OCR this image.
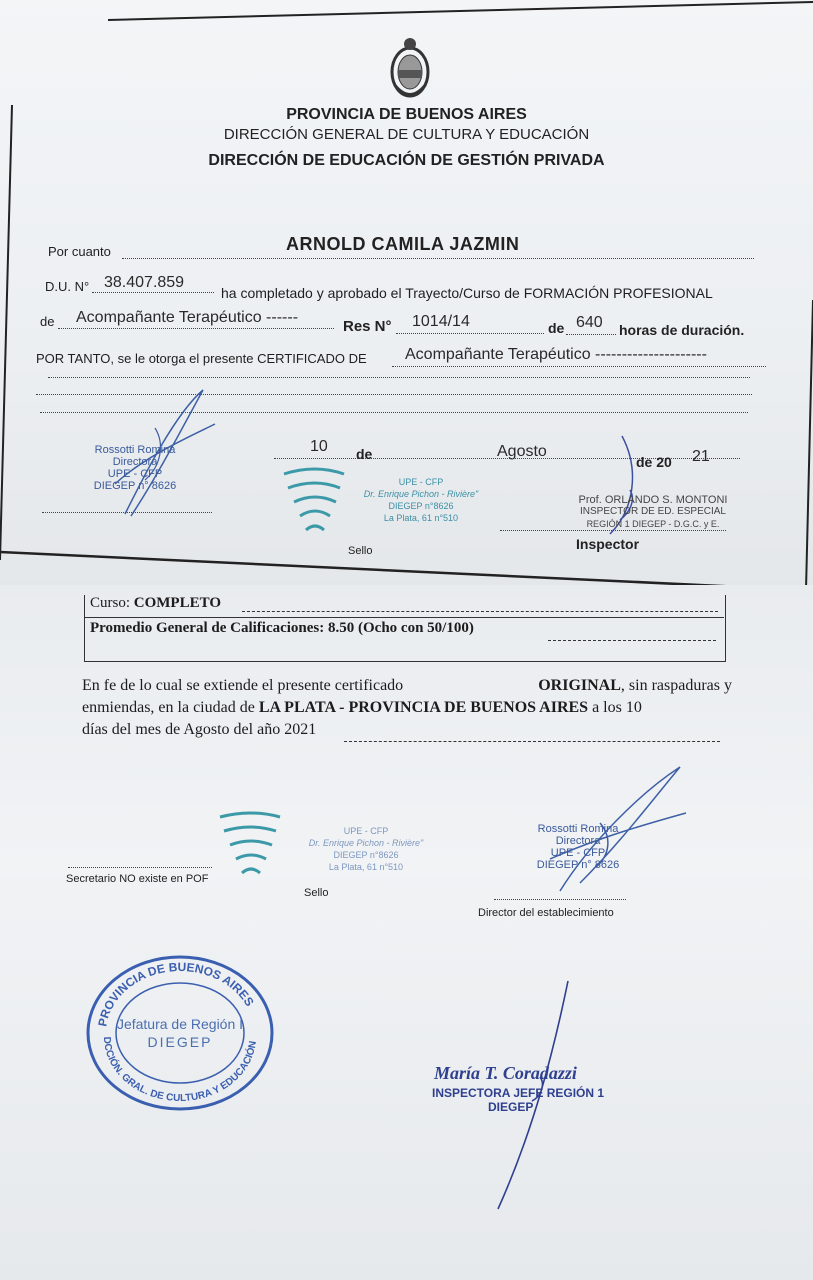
PROVINCIA DE BUENOS AIRES
DIRECCIÓN GENERAL DE CULTURA Y EDUCACIÓN
DIRECCIÓN DE EDUCACIÓN DE GESTIÓN PRIVADA
Por cuanto	ARNOLD CAMILA JAZMIN
D.U. N° 38.407.859
ha completado y aprobado el Trayecto/Curso de FORMACIÓN PROFESIONAL
de Acompañante Terapéutico ------
Res N° 1014/14	de 640 horas de duración.
POR TANTO, se le otorga el presente CERTIFICADO DE Acompañante Terapéutico ---------------------
Rossotti Romina
Directora
UPE - CFP
DIEGEP n° 8626
10 de	Agosto
de 20 21
UPE - CFP
Dr. Enrique Pichon - Rivière"
DIEGEP n°8626
La Plata, 61 n°510
Sello
Prof. ORLANDO S. MONTONI
INSPECTOR DE ED. ESPECIAL
REGIÓN 1 DIEGEP - D.G.C. y E.
Inspector
Curso: COMPLETO
Promedio General de Calificaciones: 8.50 (Ocho con 50/100)
En fe de lo cual se extiende el presente certificado	ORIGINAL, sin raspaduras y
enmiendas, en la ciudad de LA PLATA - PROVINCIA DE BUENOS AIRES a los 10
días del mes de Agosto del año 2021
Secretario NO existe en POF
UPE - CFP
Dr. Enrique Pichon - Rivière"
DIEGEP n°8626
La Plata, 61 n°510
Sello
Rossotti Romina
Directora
UPE - CFP
DIEGEP n° 8626
Director del establecimiento
PROVINCIA DE BUENOS AIRES
DCCIÓN. GRAL. DE CULTURA Y EDUCACIÓN
Jefatura de Región I
DIEGEP
María T. Coradazzi
INSPECTORA JEFE REGIÓN 1
DIEGEP
